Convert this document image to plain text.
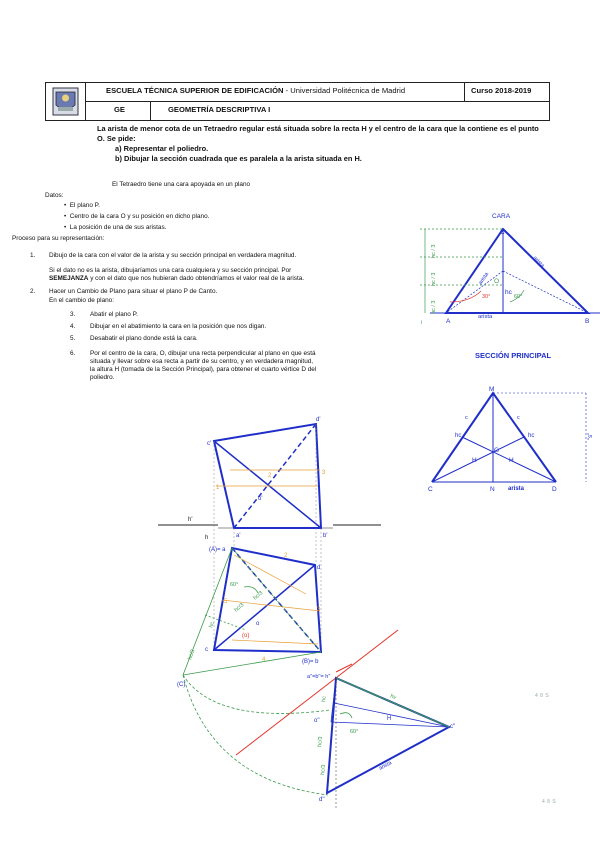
ESCUELA TÉCNICA SUPERIOR DE EDIFICACIÓN - Universidad Politécnica de Madrid	Curso 2018-2019
GE	GEOMETRÍA DESCRIPTIVA I
La arista de menor cota de un Tetraedro regular está situada sobre la recta H y el centro de la cara que la contiene es el punto O. Se pide:
a) Representar el poliedro.
b) Dibujar la sección cuadrada que es paralela a la arista situada en H.
El Tetraedro tiene una cara apoyada en un plano
Datos:
•  El plano P.
•  Centro de la cara O y su posición en dicho plano.
•  La posición de una de sus aristas.
Proceso para su representación:
1. Dibujo de la cara con el valor de la arista y su sección principal en verdadera magnitud.
Si el dato no es la arista, dibujaríamos una cara cualquiera y su sección principal. Por
SEMEJANZA y con el dato que nos hubieran dado obtendríamos el valor real de la arista.
2. Hacer un Cambio de Plano para situar el plano P de Canto.
En el cambio de plano:
3. Abatir el plano P.
4. Dibujar en el abatimiento la cara en la posición que nos digan.
5. Desabatir el plano donde está la cara.
6. Por el centro de la cara, O, dibujar una recta perpendicular al plano en que está
situada y llevar sobre esa recta a partir de su centro, y en verdadera magnitud,
la altura H (tomada de la Sección Principal), para obtener el cuarto vértice D del
poliedro.
CARA
C
A	B
O
hc
arista
arista
arista
hc / 3
hc / 3
hc / 3
30°	60°
i
SECCIÓN PRINCIPAL
M
C	N	D
G
H	H
hc	hc
c	c
"s"
arista
d'
c'
a'	b'
h'
h
(A)= a
d
c
(B)= b
(C)
o
(o)
2
1
3
o'
2
3
5
4
60°
hc/3
hc/3
hc
hc/3
a''=b''= h''
o''
c''
d''
H
hv
hc/3
hc/3
hc
60°
arista
4 8 S
4 8 S
